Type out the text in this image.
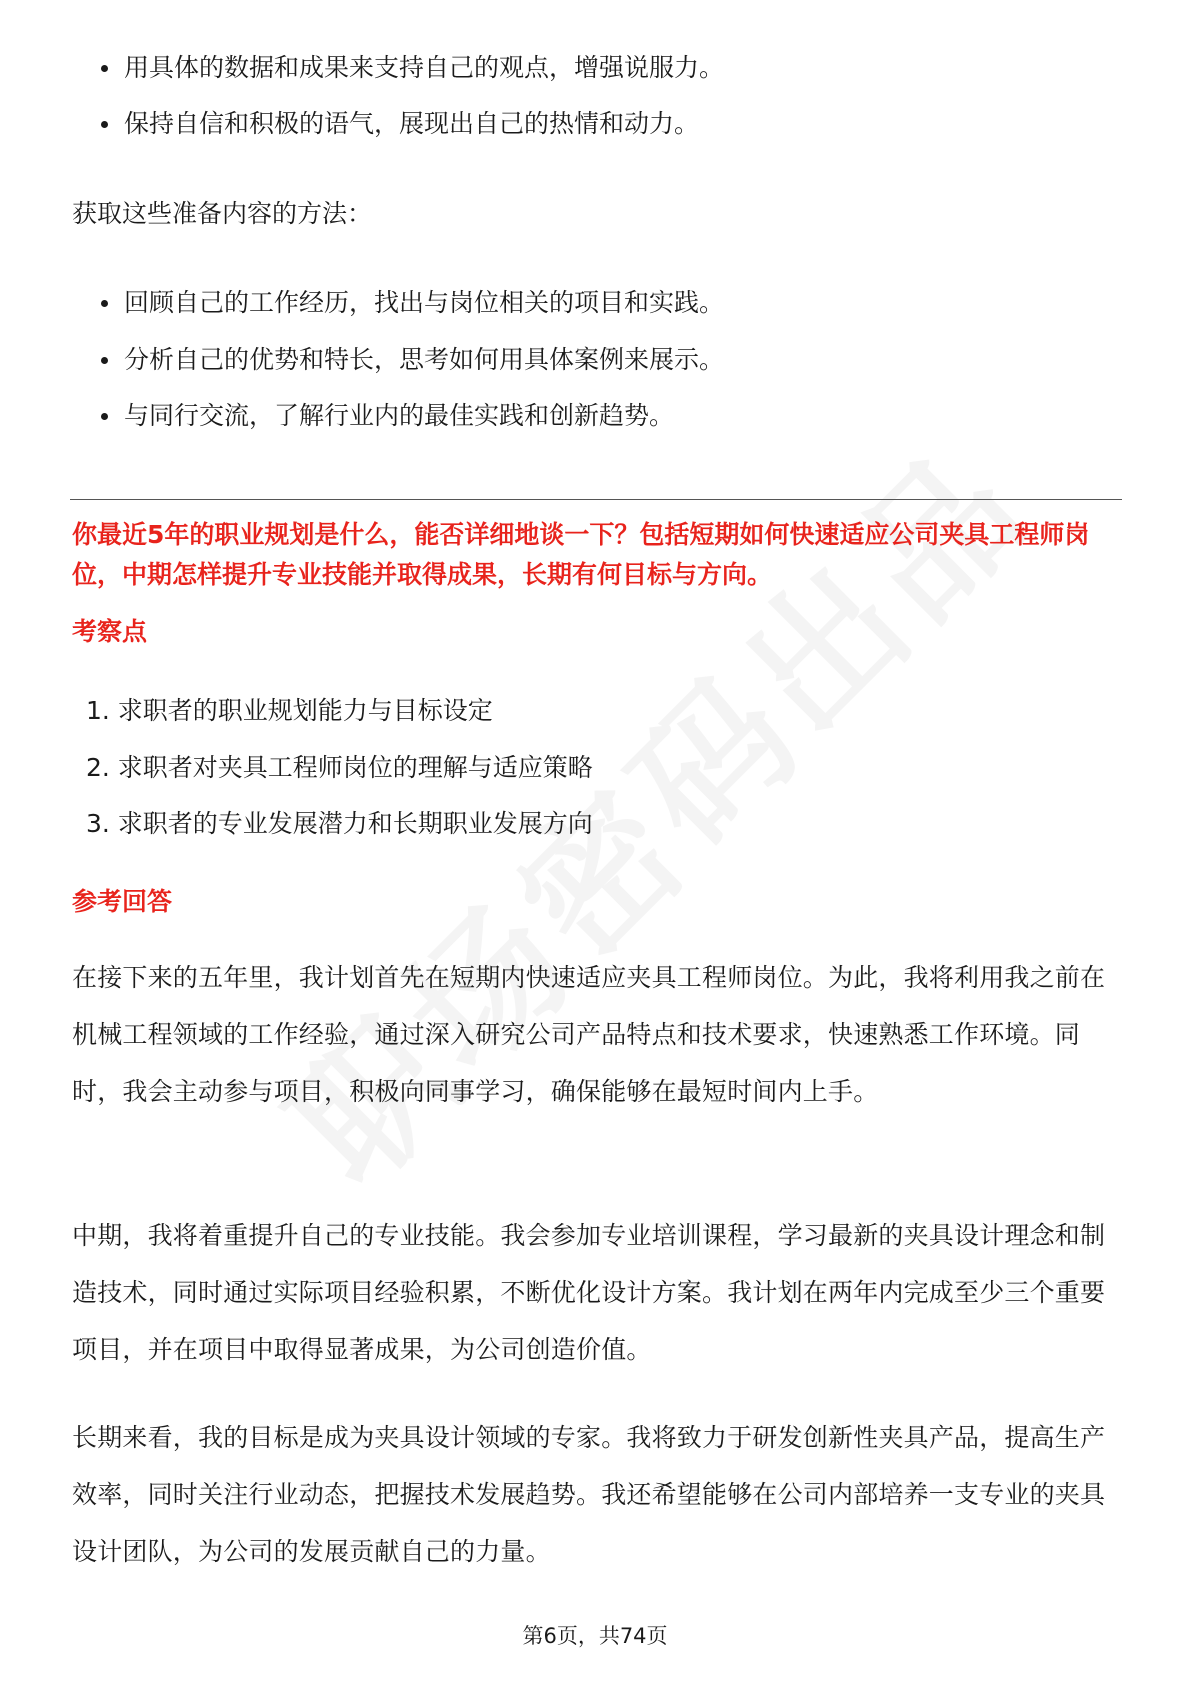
用具体的数据和成果来支持自己的观点，增强说服力。
保持自信和积极的语气，展现出自己的热情和动力。
获取这些准备内容的方法：
回顾自己的工作经历，找出与岗位相关的项目和实践。
分析自己的优势和特长，思考如何用具体案例来展示。
与同行交流，了解行业内的最佳实践和创新趋势。
你最近5年的职业规划是什么，能否详细地谈一下？包括短期如何快速适应公司夹具工程师岗位，中期怎样提升专业技能并取得成果，长期有何目标与方向。
考察点
1. 求职者的职业规划能力与目标设定
2. 求职者对夹具工程师岗位的理解与适应策略
3. 求职者的专业发展潜力和长期职业发展方向
参考回答

在接下来的五年里，我计划首先在短期内快速适应夹具工程师岗位。为此，我将利用我之前在机械工程领域的工作经验，通过深入研究公司产品特点和技术要求，快速熟悉工作环境。同时，我会主动参与项目，积极向同事学习，确保能够在最短时间内上手。

中期，我将着重提升自己的专业技能。我会参加专业培训课程，学习最新的夹具设计理念和制造技术，同时通过实际项目经验积累，不断优化设计方案。我计划在两年内完成至少三个重要项目，并在项目中取得显著成果，为公司创造价值。

长期来看，我的目标是成为夹具设计领域的专家。我将致力于研发创新性夹具产品，提高生产效率，同时关注行业动态，把握技术发展趋势。我还希望能够在公司内部培养一支专业的夹具设计团队，为公司的发展贡献自己的力量。

第6页，共74页
